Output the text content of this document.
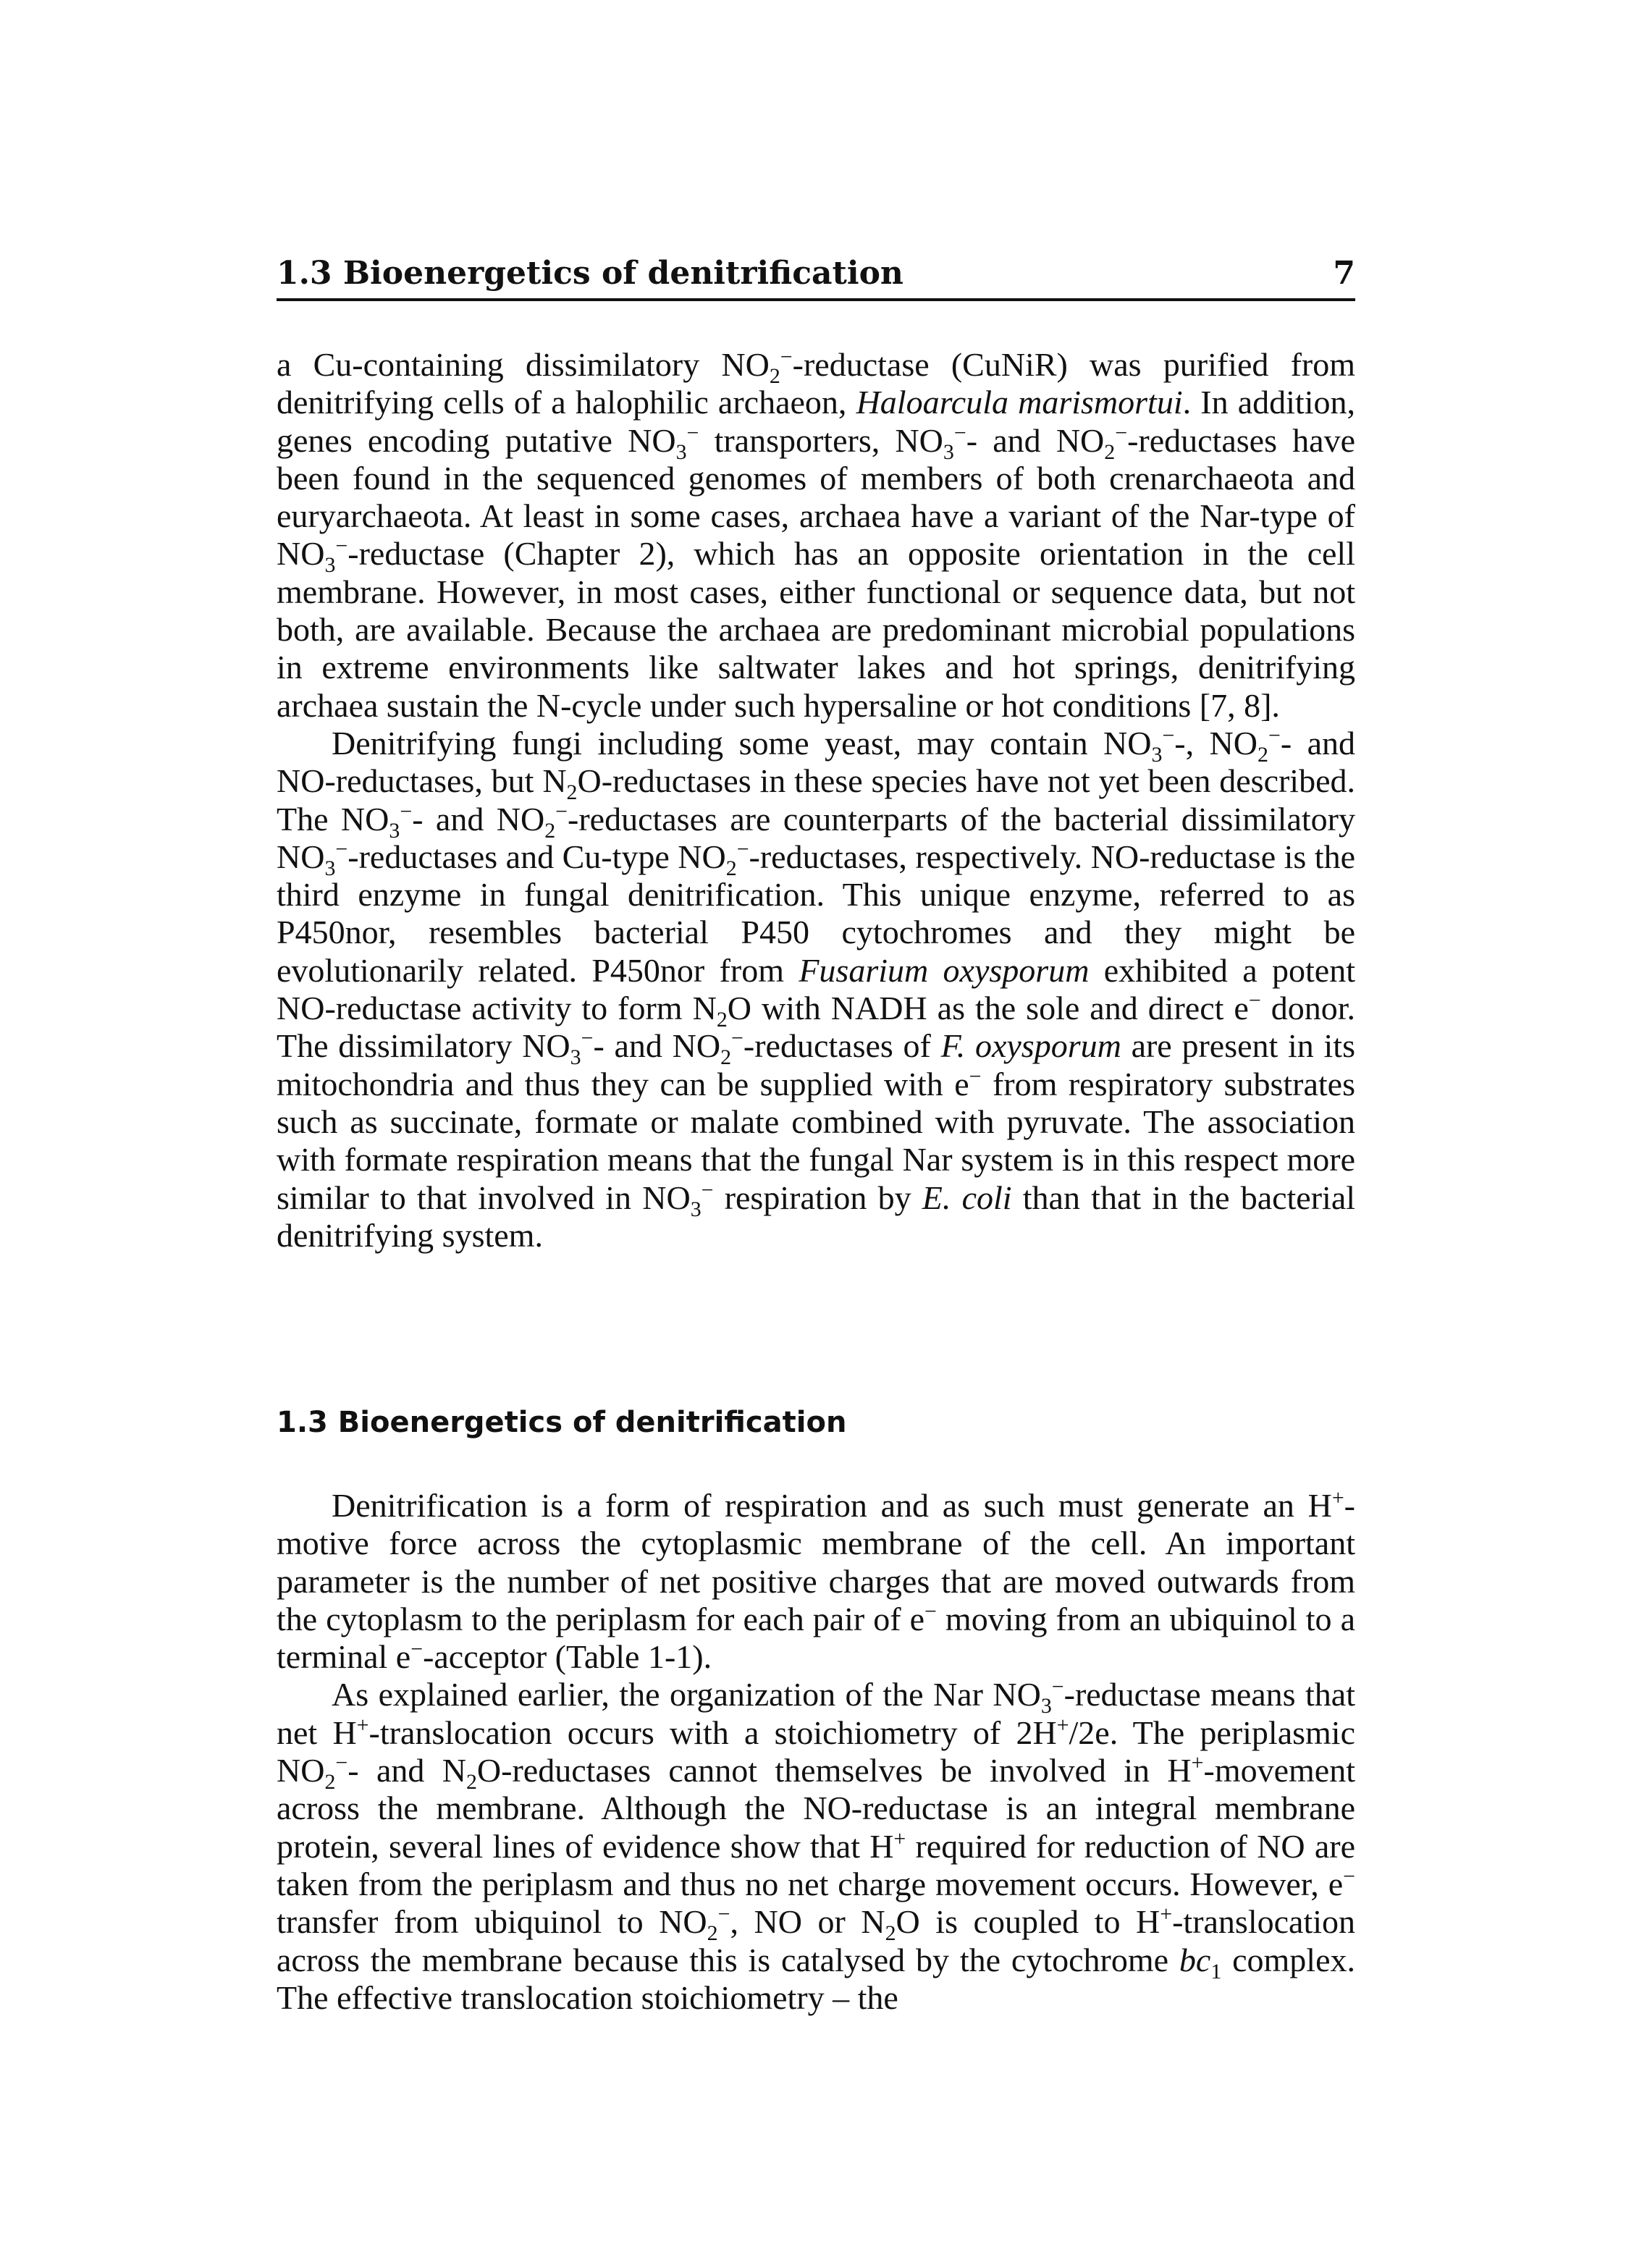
1.3 Bioenergetics of denitrification	7

a Cu-containing dissimilatory $NO_2^-$-reductase (CuNiR) was purified from denitrifying cells of a halophilic archaeon, Haloarcula marismortui. In addition, genes encoding putative $NO_3^-$ transporters, $NO_3^--$ and $NO_2^-$-reductases have been found in the sequenced genomes of members of both crenarchaeota and euryarchaeota. At least in some cases, archaea have a variant of the Nar-type of $NO_3^-$-reductase (Chapter 2), which has an opposite orientation in the cell membrane. However, in most cases, either functional or sequence data, but not both, are available. Because the archaea are predominant microbial populations in extreme environments like saltwater lakes and hot springs, denitrifying archaea sustain the N-cycle under such hypersaline or hot conditions [7, 8].

Denitrifying fungi including some yeast, may contain $NO_3^--$, $NO_2^--$ and NO-reductases, but $N_2O$-reductases in these species have not yet been described. The $NO_3^--$ and $NO_2^-$-reductases are counterparts of the bacterial dissimilatory $NO_3^-$-reductases and Cu-type $NO_2^-$-reductases, respectively. NO-reductase is the third enzyme in fungal denitrification. This unique enzyme, referred to as P450nor, resembles bacterial P450 cytochromes and they might be evolutionarily related. P450nor from Fusarium oxysporum exhibited a potent NO-reductase activity to form $N_2O$ with NADH as the sole and direct e− donor. The dissimilatory $NO_3^--$ and $NO_2^-$-reductases of F. oxysporum are present in its mitochondria and thus they can be supplied with e− from respiratory substrates such as succinate, formate or malate combined with pyruvate. The association with formate respiration means that the fungal Nar system is in this respect more similar to that involved in $NO_3^-$ respiration by E. coli than that in the bacterial denitrifying system.

1.3 Bioenergetics of denitrification

Denitrification is a form of respiration and as such must generate an H+-motive force across the cytoplasmic membrane of the cell. An important parameter is the number of net positive charges that are moved outwards from the cytoplasm to the periplasm for each pair of e− moving from an ubiquinol to a terminal e−-acceptor (Table 1-1).

As explained earlier, the organization of the Nar $NO_3^-$-reductase means that net H+-translocation occurs with a stoichiometry of 2H+/2e. The periplasmic $NO_2^--$ and $N_2O$-reductases cannot themselves be involved in H+-movement across the membrane. Although the NO-reductase is an integral membrane protein, several lines of evidence show that H+ required for reduction of NO are taken from the periplasm and thus no net charge movement occurs. However, e− transfer from ubiquinol to $NO_2^-$, NO or $N_2O$ is coupled to H+-translocation across the membrane because this is catalysed by the cytochrome $bc_1$ complex. The effective translocation stoichiometry – the
